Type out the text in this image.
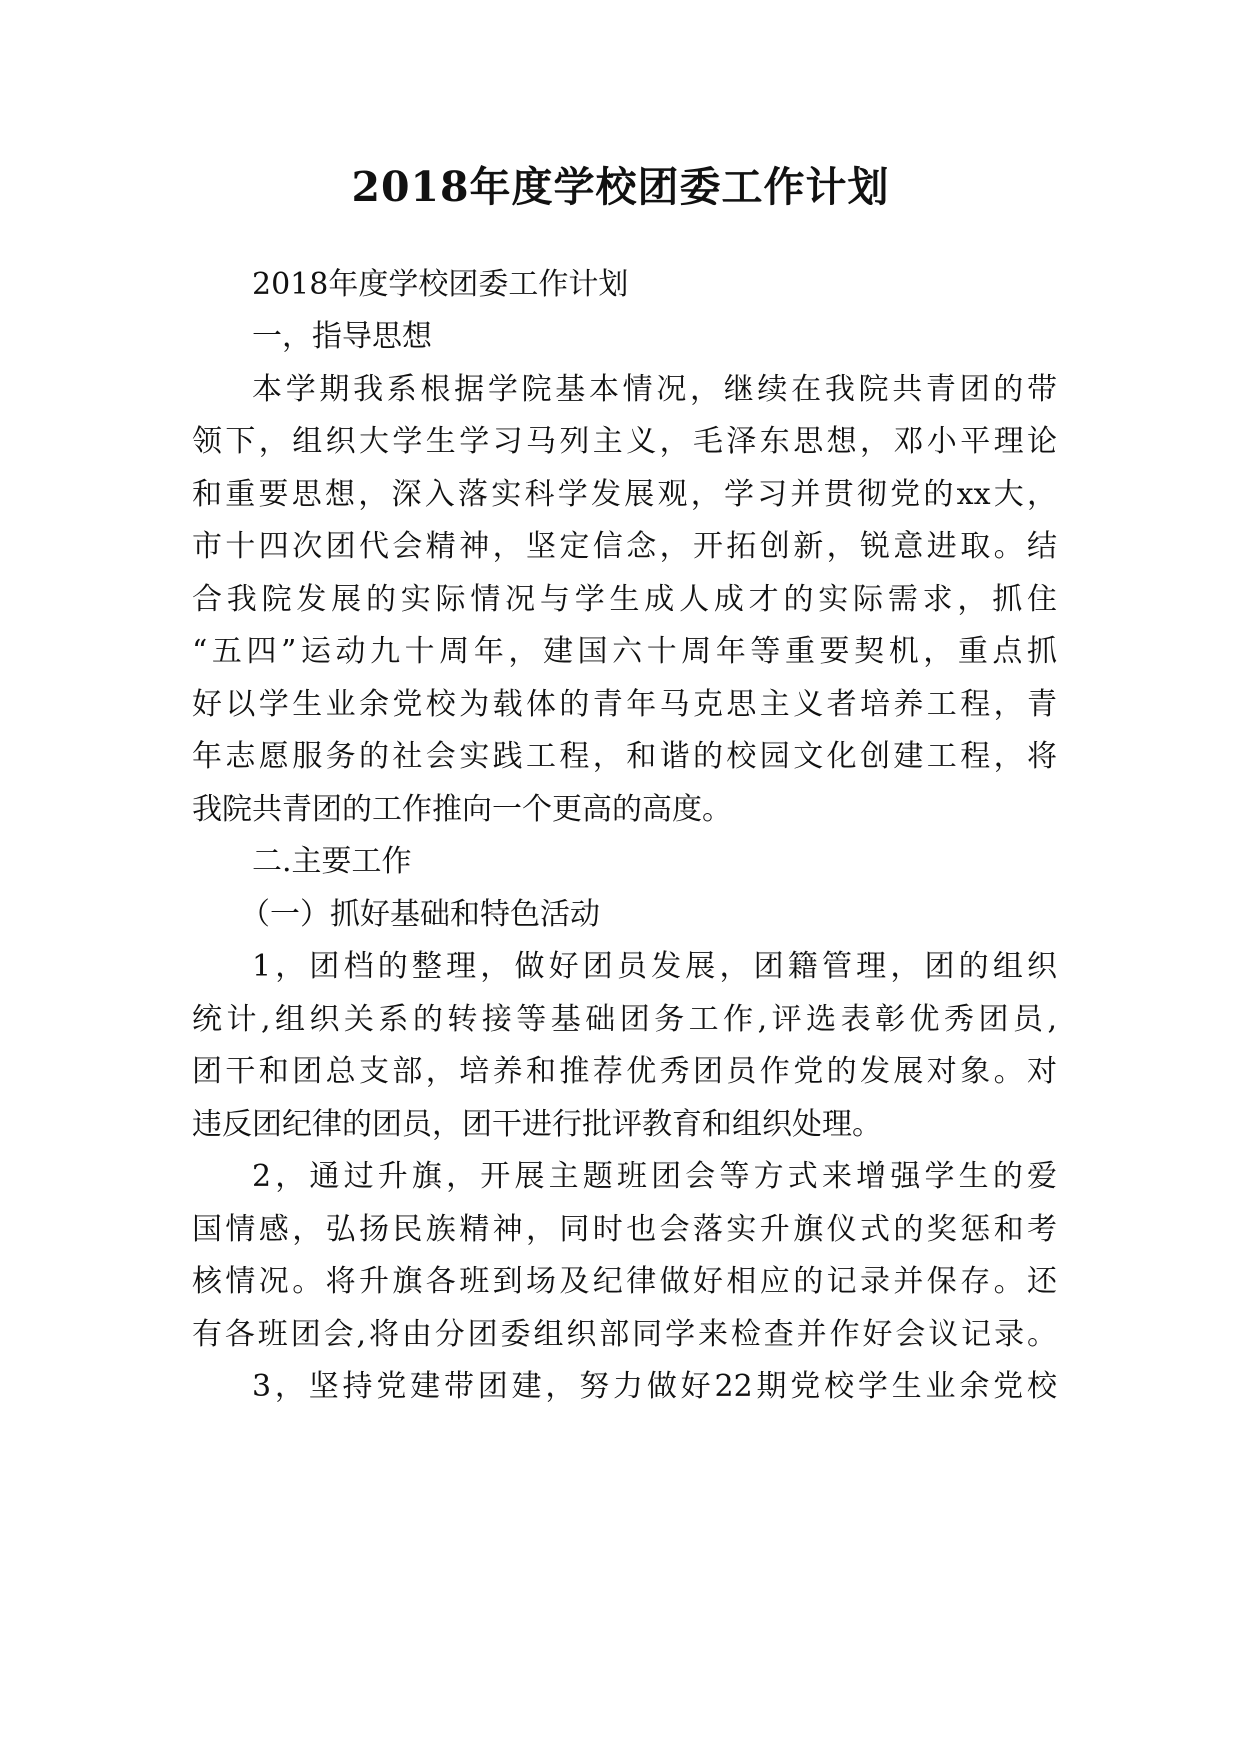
2018年度学校团委工作计划
2018年度学校团委工作计划
一，指导思想
本学期我系根据学院基本情况，继续在我院共青团的带
领下，组织大学生学习马列主义，毛泽东思想，邓小平理论
和重要思想，深入落实科学发展观，学习并贯彻党的xx大，
市十四次团代会精神，坚定信念，开拓创新，锐意进取。结
合我院发展的实际情况与学生成人成才的实际需求，抓住
“五四”运动九十周年，建国六十周年等重要契机，重点抓
好以学生业余党校为载体的青年马克思主义者培养工程，青
年志愿服务的社会实践工程，和谐的校园文化创建工程，将
我院共青团的工作推向一个更高的高度。
二.主要工作
（一）抓好基础和特色活动
1，团档的整理，做好团员发展，团籍管理，团的组织
统计,组织关系的转接等基础团务工作,评选表彰优秀团员,
团干和团总支部，培养和推荐优秀团员作党的发展对象。对
违反团纪律的团员，团干进行批评教育和组织处理。
2，通过升旗，开展主题班团会等方式来增强学生的爱
国情感，弘扬民族精神，同时也会落实升旗仪式的奖惩和考
核情况。将升旗各班到场及纪律做好相应的记录并保存。还
有各班团会,将由分团委组织部同学来检查并作好会议记录。
3，坚持党建带团建，努力做好22期党校学生业余党校
